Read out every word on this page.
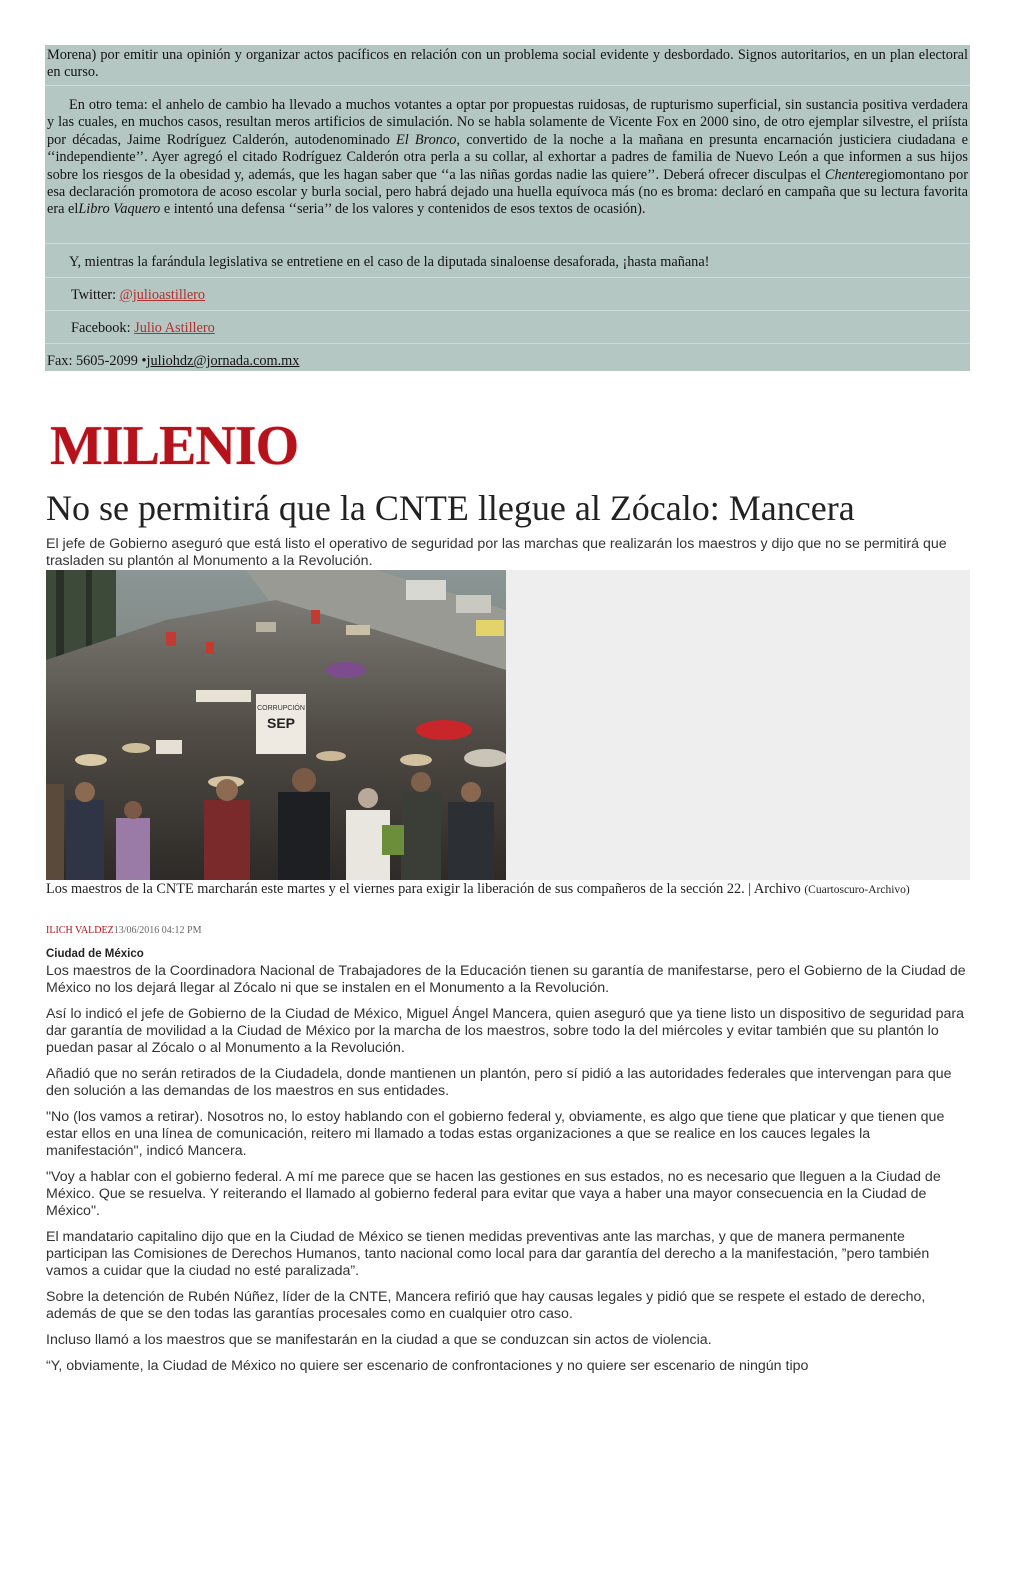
Morena) por emitir una opinión y organizar actos pacíficos en relación con un problema social evidente y desbordado. Signos autoritarios, en un plan electoral en curso.

En otro tema: el anhelo de cambio ha llevado a muchos votantes a optar por propuestas ruidosas, de rupturismo superficial, sin sustancia positiva verdadera y las cuales, en muchos casos, resultan meros artificios de simulación. No se habla solamente de Vicente Fox en 2000 sino, de otro ejemplar silvestre, el priísta por décadas, Jaime Rodríguez Calderón, autodenominado El Bronco, convertido de la noche a la mañana en presunta encarnación justiciera ciudadana e ‘‘independiente’’. Ayer agregó el citado Rodríguez Calderón otra perla a su collar, al exhortar a padres de familia de Nuevo León a que informen a sus hijos sobre los riesgos de la obesidad y, además, que les hagan saber que ‘‘a las niñas gordas nadie las quiere’’. Deberá ofrecer disculpas el Chenteregiomontano por esa declaración promotora de acoso escolar y burla social, pero habrá dejado una huella equívoca más (no es broma: declaró en campaña que su lectura favorita era elLibro Vaquero e intentó una defensa ‘‘seria’’ de los valores y contenidos de esos textos de ocasión).

Y, mientras la farándula legislativa se entretiene en el caso de la diputada sinaloense desaforada, ¡hasta mañana!

Twitter: @julioastillero

Facebook: Julio Astillero

Fax: 5605-2099 •juliohdz@jornada.com.mx

MILENIO
No se permitirá que la CNTE llegue al Zócalo: Mancera
El jefe de Gobierno aseguró que está listo el operativo de seguridad por las marchas que realizarán los maestros y dijo que no se permitirá que trasladen su plantón al Monumento a la Revolución.
CORRUPCIÓN
SEP
Los maestros de la CNTE marcharán este martes y el viernes para exigir la liberación de sus compañeros de la sección 22. | Archivo (Cuartoscuro-Archivo)
ILICH VALDEZ13/06/2016 04:12 PM
Ciudad de México

Los maestros de la Coordinadora Nacional de Trabajadores de la Educación tienen su garantía de manifestarse, pero el Gobierno de la Ciudad de México no los dejará llegar al Zócalo ni que se instalen en el Monumento a la Revolución.

Así lo indicó el jefe de Gobierno de la Ciudad de México, Miguel Ángel Mancera, quien aseguró que ya tiene listo un dispositivo de seguridad para dar garantía de movilidad a la Ciudad de México por la marcha de los maestros, sobre todo la del miércoles y evitar también que su plantón lo puedan pasar al Zócalo o al Monumento a la Revolución.

Añadió que no serán retirados de la Ciudadela, donde mantienen un plantón, pero sí pidió a las autoridades federales que intervengan para que den solución a las demandas de los maestros en sus entidades.

"No (los vamos a retirar). Nosotros no, lo estoy hablando con el gobierno federal y, obviamente, es algo que tiene que platicar y que tienen que estar ellos en una línea de comunicación, reitero mi llamado a todas estas organizaciones a que se realice en los cauces legales la manifestación", indicó Mancera.

"Voy a hablar con el gobierno federal. A mí me parece que se hacen las gestiones en sus estados, no es necesario que lleguen a la Ciudad de México. Que se resuelva. Y reiterando el llamado al gobierno federal para evitar que vaya a haber una mayor consecuencia en la Ciudad de México".

El mandatario capitalino dijo que en la Ciudad de México se tienen medidas preventivas ante las marchas, y que de manera permanente participan las Comisiones de Derechos Humanos, tanto nacional como local para dar garantía del derecho a la manifestación, ”pero también vamos a cuidar que la ciudad no esté paralizada”.

Sobre la detención de Rubén Núñez, líder de la CNTE, Mancera refirió que hay causas legales y pidió que se respete el estado de derecho, además de que se den todas las garantías procesales como en cualquier otro caso.

Incluso llamó a los maestros que se manifestarán en la ciudad a que se conduzcan sin actos de violencia.

“Y, obviamente, la Ciudad de México no quiere ser escenario de confrontaciones y no quiere ser escenario de ningún tipo
